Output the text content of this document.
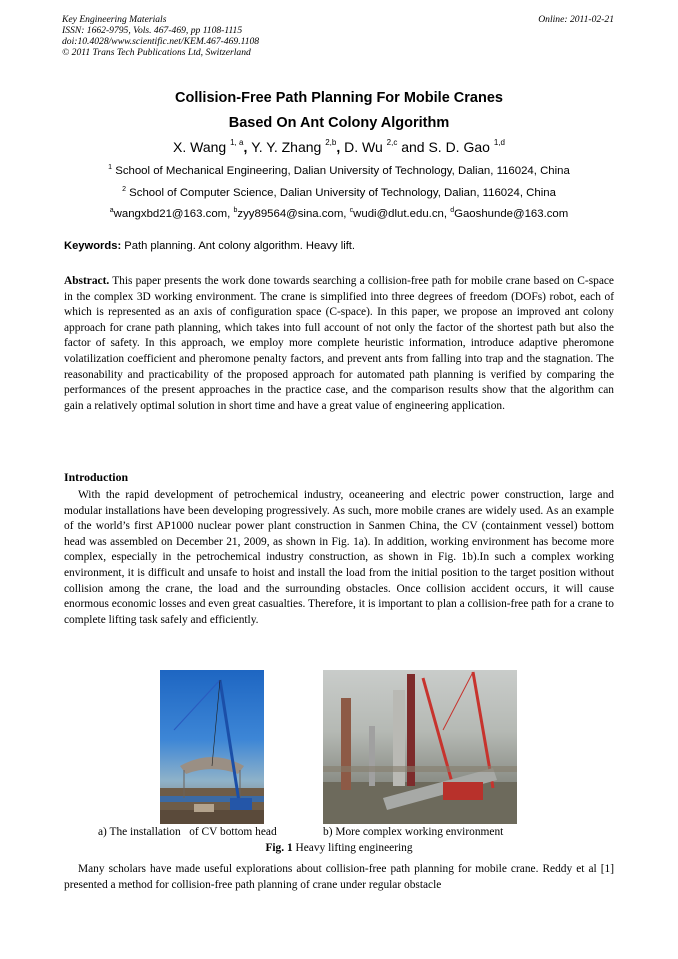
Key Engineering Materials
ISSN: 1662-9795, Vols. 467-469, pp 1108-1115
doi:10.4028/www.scientific.net/KEM.467-469.1108
© 2011 Trans Tech Publications Ltd, Switzerland
Online: 2011-02-21
Collision-Free Path Planning For Mobile Cranes
Based On Ant Colony Algorithm
X. Wang $^{1, a}$, Y. Y. Zhang $^{2,b}$, D. Wu $^{2,c}$ and S. D. Gao $^{1,d}$
$^1$ School of Mechanical Engineering, Dalian University of Technology, Dalian, 116024, China
$^2$ School of Computer Science, Dalian University of Technology, Dalian, 116024, China
$^a$wangxbd21@163.com, $^b$zyy89564@sina.com, $^c$wudi@dlut.edu.cn, $^d$Gaoshunde@163.com
Keywords: Path planning. Ant colony algorithm. Heavy lift.
Abstract. This paper presents the work done towards searching a collision-free path for mobile crane based on C-space in the complex 3D working environment. The crane is simplified into three degrees of freedom (DOFs) robot, each of which is represented as an axis of configuration space (C-space). In this paper, we propose an improved ant colony approach for crane path planning, which takes into full account of not only the factor of the shortest path but also the factor of safety. In this approach, we employ more complete heuristic information, introduce adaptive pheromone volatilization coefficient and pheromone penalty factors, and prevent ants from falling into trap and the stagnation. The reasonability and practicability of the proposed approach for automated path planning is verified by comparing the performances of the present approaches in the practice case, and the comparison results show that the algorithm can gain a relatively optimal solution in short time and have a great value of engineering application.
Introduction
With the rapid development of petrochemical industry, oceaneering and electric power construction, large and modular installations have been developing progressively. As such, more mobile cranes are widely used. As an example of the world’s first AP1000 nuclear power plant construction in Sanmen China, the CV (containment vessel) bottom head was assembled on December 21, 2009, as shown in Fig. 1a). In addition, working environment has become more complex, especially in the petrochemical industry construction, as shown in Fig. 1b).In such a complex working environment, it is difficult and unsafe to hoist and install the load from the initial position to the target position without collision among the crane, the load and the surrounding obstacles. Once collision accident occurs, it will cause enormous economic losses and even great casualties. Therefore, it is important to plan a collision-free path for a crane to complete lifting task safely and efficiently.
a) The installation   of CV bottom head	b) More complex working environment
Fig. 1 Heavy lifting engineering
Many scholars have made useful explorations about collision-free path planning for mobile crane. Reddy et al [1] presented a method for collision-free path planning of crane under regular obstacle
